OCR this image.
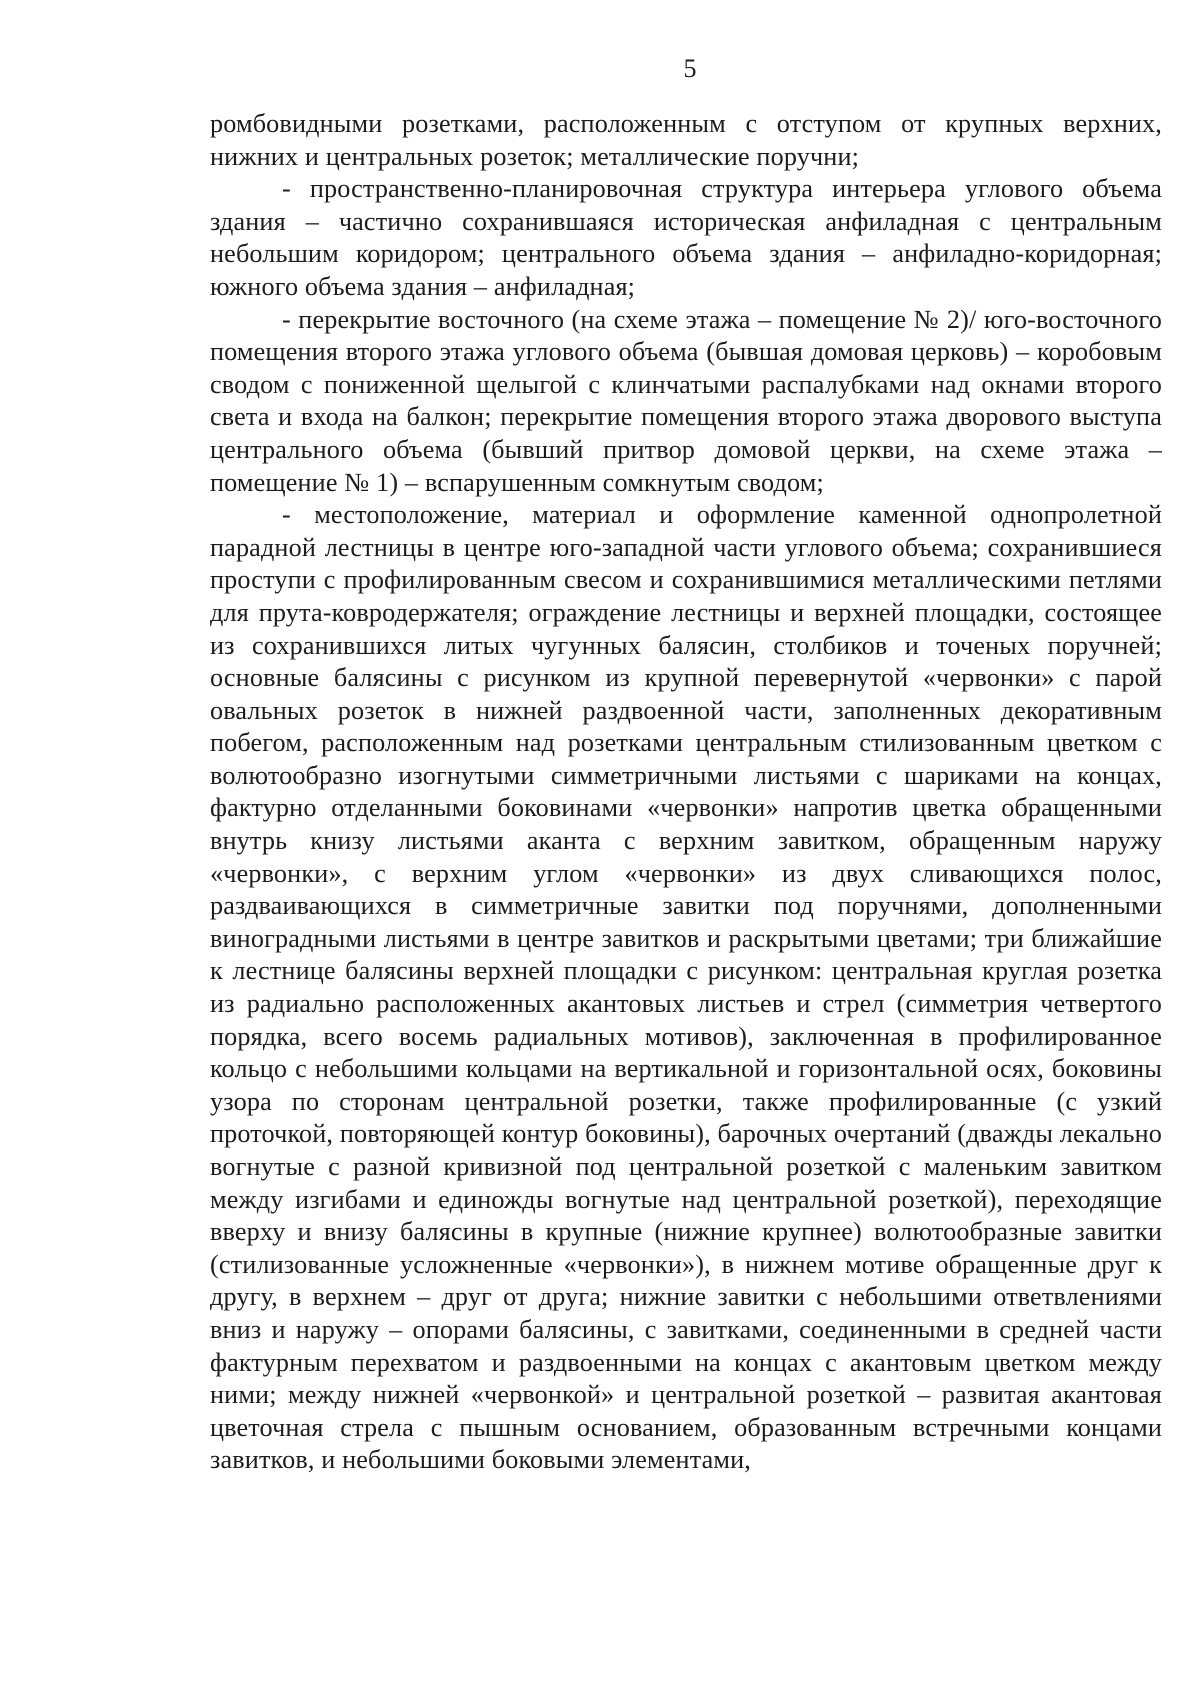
5

ромбовидными розетками, расположенным с отступом от крупных верхних, нижних и центральных розеток; металлические поручни;

- пространственно-планировочная структура интерьера углового объема здания – частично сохранившаяся историческая анфиладная с центральным небольшим коридором; центрального объема здания – анфиладно-коридорная; южного объема здания – анфиладная;

- перекрытие восточного (на схеме этажа – помещение № 2)/ юго-восточного помещения второго этажа углового объема (бывшая домовая церковь) – коробовым сводом с пониженной щелыгой с клинчатыми распалубками над окнами второго света и входа на балкон; перекрытие помещения второго этажа дворового выступа центрального объема (бывший притвор домовой церкви, на схеме этажа – помещение № 1) – вспарушенным сомкнутым сводом;

- местоположение, материал и оформление каменной однопролетной парадной лестницы в центре юго-западной части углового объема; сохранившиеся проступи с профилированным свесом и сохранившимися металлическими петлями для прута-ковродержателя; ограждение лестницы и верхней площадки, состоящее из сохранившихся литых чугунных балясин, столбиков и точеных поручней; основные балясины с рисунком из крупной перевернутой «червонки» с парой овальных розеток в нижней раздвоенной части, заполненных декоративным побегом, расположенным над розетками центральным стилизованным цветком с волютообразно изогнутыми симметричными листьями с шариками на концах, фактурно отделанными боковинами «червонки» напротив цветка обращенными внутрь книзу листьями аканта с верхним завитком, обращенным наружу «червонки», с верхним углом «червонки» из двух сливающихся полос, раздваивающихся в симметричные завитки под поручнями, дополненными виноградными листьями в центре завитков и раскрытыми цветами; три ближайшие к лестнице балясины верхней площадки с рисунком: центральная круглая розетка из радиально расположенных акантовых листьев и стрел (симметрия четвертого порядка, всего восемь радиальных мотивов), заключенная в профилированное кольцо с небольшими кольцами на вертикальной и горизонтальной осях, боковины узора по сторонам центральной розетки, также профилированные (с узкий проточкой, повторяющей контур боковины), барочных очертаний (дважды лекально вогнутые с разной кривизной под центральной розеткой с маленьким завитком между изгибами и единожды вогнутые над центральной розеткой), переходящие вверху и внизу балясины в крупные (нижние крупнее) волютообразные завитки (стилизованные усложненные «червонки»), в нижнем мотиве обращенные друг к другу, в верхнем – друг от друга; нижние завитки с небольшими ответвлениями вниз и наружу – опорами балясины, с завитками, соединенными в средней части фактурным перехватом и раздвоенными на концах с акантовым цветком между ними; между нижней «червонкой» и центральной розеткой – развитая акантовая цветочная стрела с пышным основанием, образованным встречными концами завитков, и небольшими боковыми элементами,
